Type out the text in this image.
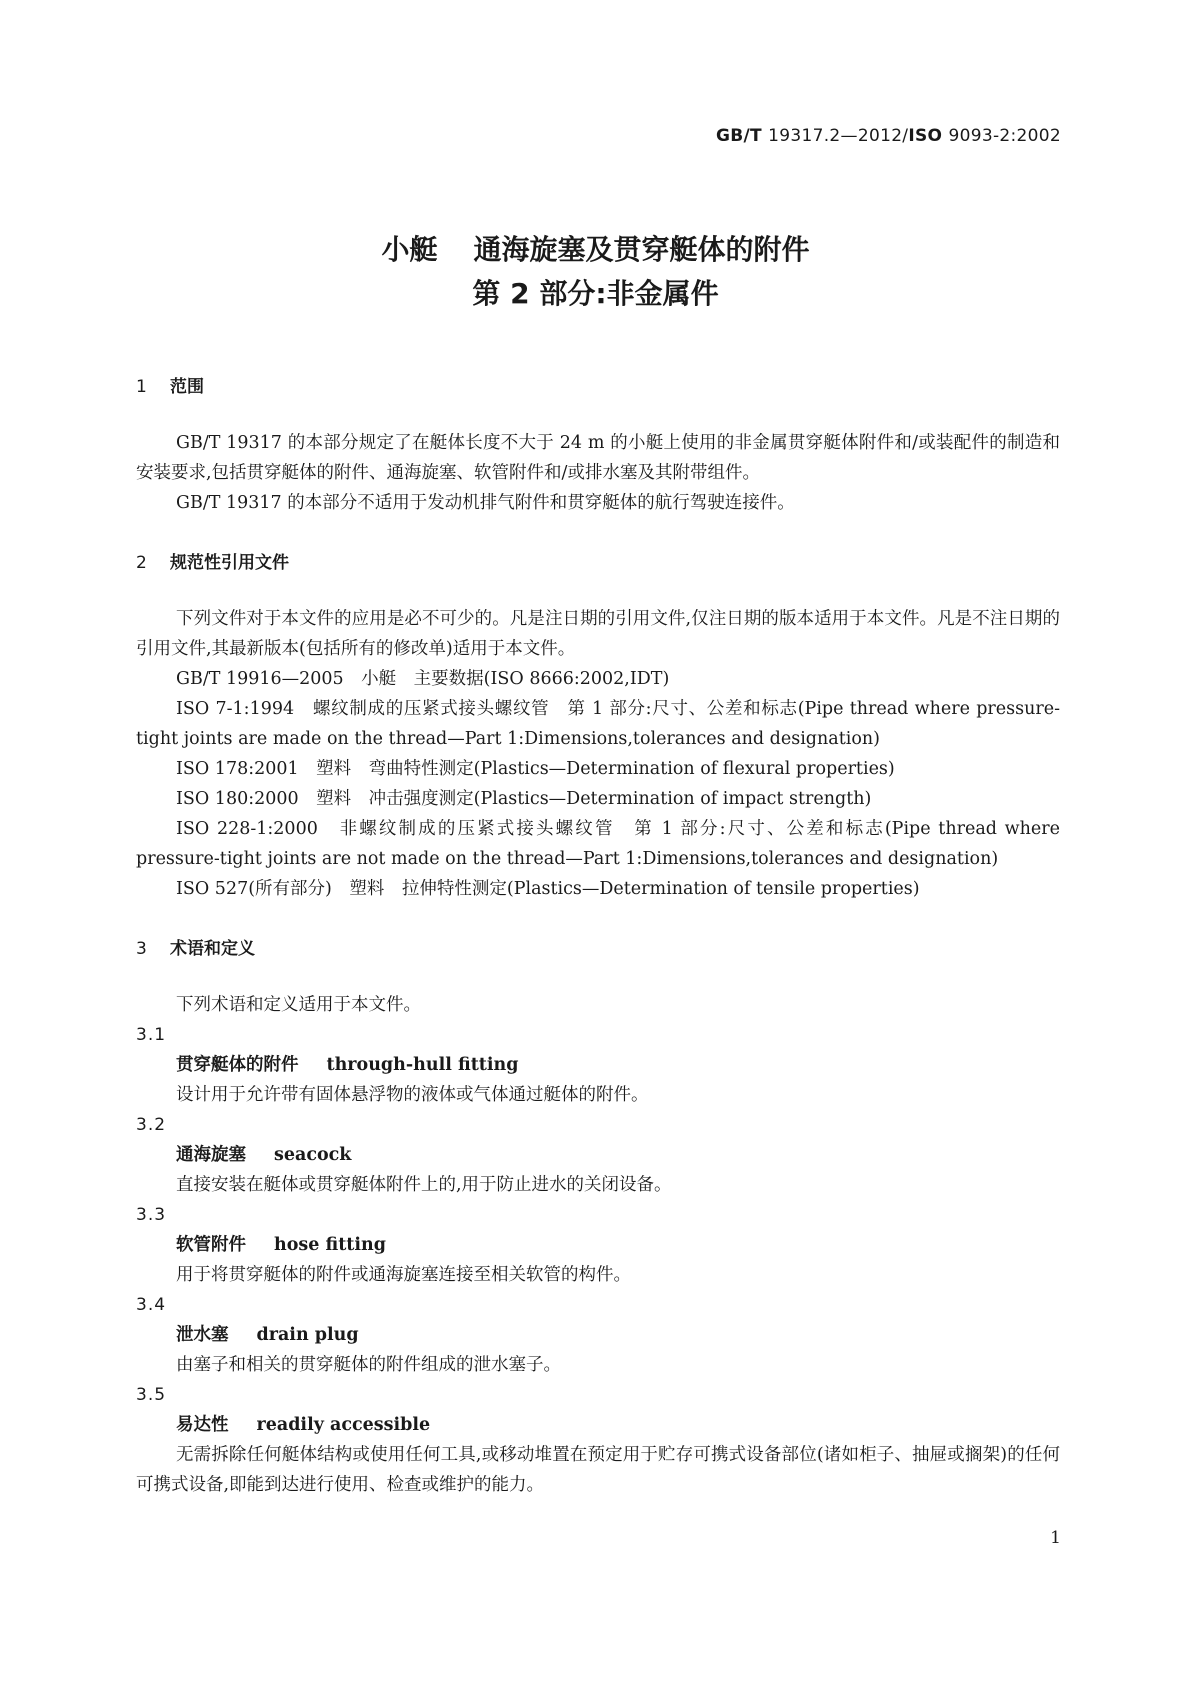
GB/T 19317.2—2012/ISO 9093-2:2002
小艇 通海旋塞及贯穿艇体的附件
第 2 部分:非金属件
1 范围

GB/T 19317 的本部分规定了在艇体长度不大于 24 m 的小艇上使用的非金属贯穿艇体附件和/或装配件的制造和安装要求,包括贯穿艇体的附件、通海旋塞、软管附件和/或排水塞及其附带组件。

GB/T 19317 的本部分不适用于发动机排气附件和贯穿艇体的航行驾驶连接件。

2 规范性引用文件

下列文件对于本文件的应用是必不可少的。凡是注日期的引用文件,仅注日期的版本适用于本文件。凡是不注日期的引用文件,其最新版本(包括所有的修改单)适用于本文件。

GB/T 19916—2005　小艇　主要数据(ISO 8666:2002,IDT)

ISO 7-1:1994　螺纹制成的压紧式接头螺纹管　第 1 部分:尺寸、公差和标志(Pipe thread where pressure-tight joints are made on the thread—Part 1:Dimensions,tolerances and designation)

ISO 178:2001　塑料　弯曲特性测定(Plastics—Determination of flexural properties)

ISO 180:2000　塑料　冲击强度测定(Plastics—Determination of impact strength)

ISO 228-1:2000　非螺纹制成的压紧式接头螺纹管　第 1 部分:尺寸、公差和标志(Pipe thread where pressure-tight joints are not made on the thread—Part 1:Dimensions,tolerances and designation)

ISO 527(所有部分)　塑料　拉伸特性测定(Plastics—Determination of tensile properties)

3 术语和定义

下列术语和定义适用于本文件。

3.1

贯穿艇体的附件 through-hull fitting

设计用于允许带有固体悬浮物的液体或气体通过艇体的附件。

3.2

通海旋塞 seacock

直接安装在艇体或贯穿艇体附件上的,用于防止进水的关闭设备。

3.3

软管附件 hose fitting

用于将贯穿艇体的附件或通海旋塞连接至相关软管的构件。

3.4

泄水塞 drain plug

由塞子和相关的贯穿艇体的附件组成的泄水塞子。

3.5

易达性 readily accessible

无需拆除任何艇体结构或使用任何工具,或移动堆置在预定用于贮存可携式设备部位(诸如柜子、抽屉或搁架)的任何可携式设备,即能到达进行使用、检查或维护的能力。

1
